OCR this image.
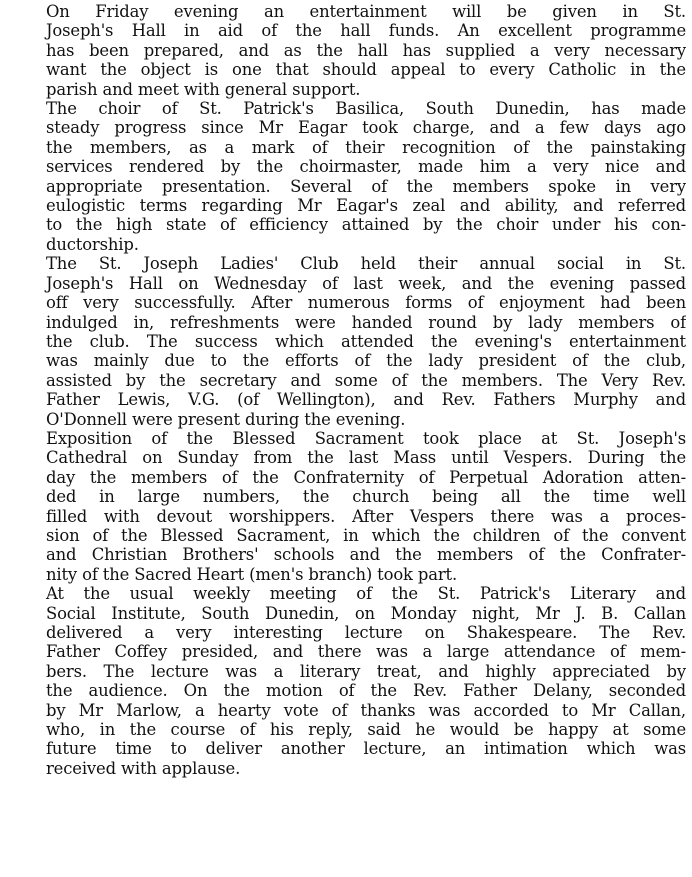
On Friday evening an entertainment will be given in St.
Joseph's Hall in aid of the hall funds. An excellent programme
has been prepared, and as the hall has supplied a very necessary
want the object is one that should appeal to every Catholic in the
parish and meet with general support.
The choir of St. Patrick's Basilica, South Dunedin, has made
steady progress since Mr Eagar took charge, and a few days ago
the members, as a mark of their recognition of the painstaking
services rendered by the choirmaster, made him a very nice and
appropriate presentation. Several of the members spoke in very
eulogistic terms regarding Mr Eagar's zeal and ability, and referred
to the high state of efficiency attained by the choir under his con-
ductorship.
The St. Joseph Ladies' Club held their annual social in St.
Joseph's Hall on Wednesday of last week, and the evening passed
off very successfully. After numerous forms of enjoyment had been
indulged in, refreshments were handed round by lady members of
the club. The success which attended the evening's entertainment
was mainly due to the efforts of the lady president of the club,
assisted by the secretary and some of the members. The Very Rev.
Father Lewis, V.G. (of Wellington), and Rev. Fathers Murphy and
O'Donnell were present during the evening.
Exposition of the Blessed Sacrament took place at St. Joseph's
Cathedral on Sunday from the last Mass until Vespers. During the
day the members of the Confraternity of Perpetual Adoration atten-
ded in large numbers, the church being all the time well
filled with devout worshippers. After Vespers there was a proces-
sion of the Blessed Sacrament, in which the children of the convent
and Christian Brothers' schools and the members of the Confrater-
nity of the Sacred Heart (men's branch) took part.
At the usual weekly meeting of the St. Patrick's Literary and
Social Institute, South Dunedin, on Monday night, Mr J. B. Callan
delivered a very interesting lecture on Shakespeare. The Rev.
Father Coffey presided, and there was a large attendance of mem-
bers. The lecture was a literary treat, and highly appreciated by
the audience. On the motion of the Rev. Father Delany, seconded
by Mr Marlow, a hearty vote of thanks was accorded to Mr Callan,
who, in the course of his reply, said he would be happy at some
future time to deliver another lecture, an intimation which was
received with applause.
